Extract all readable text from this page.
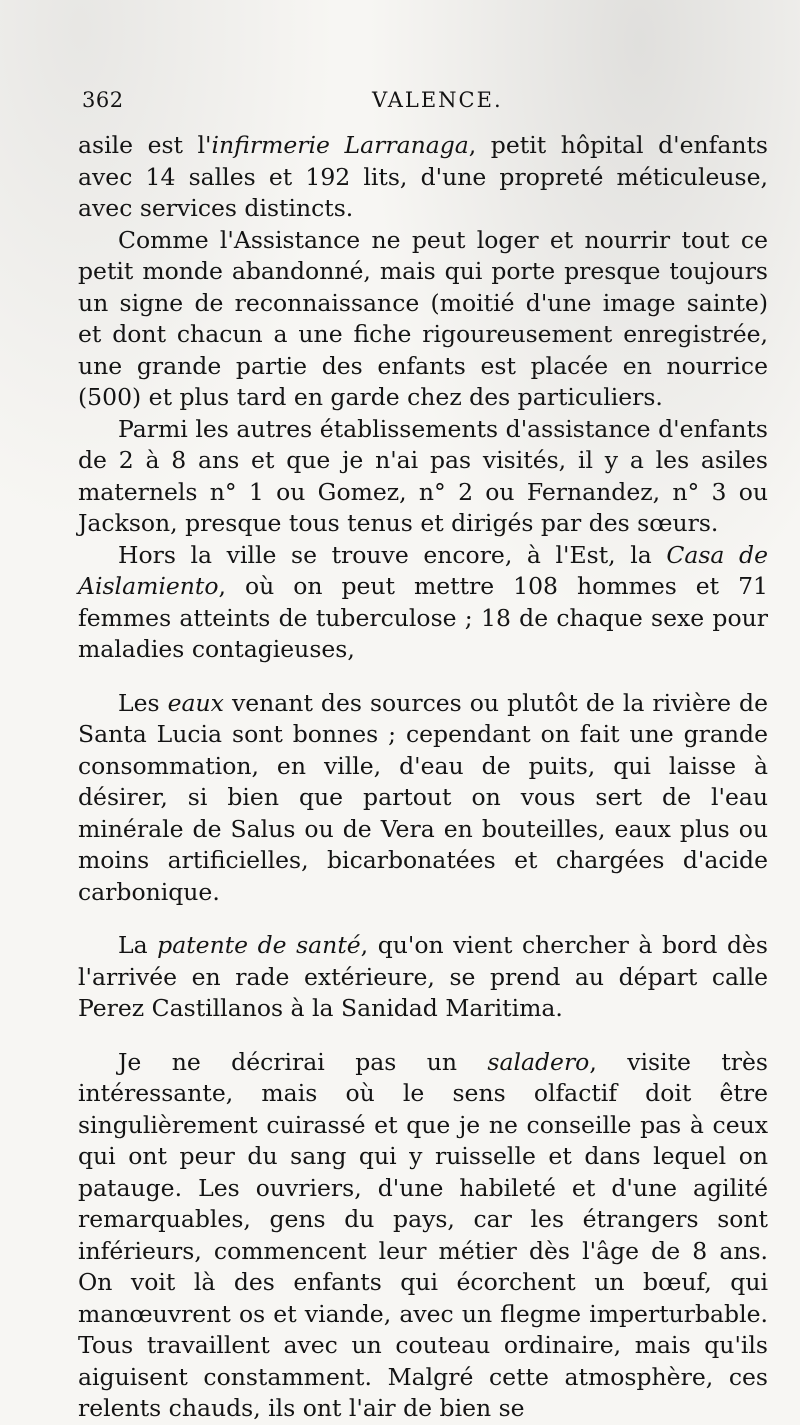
362	VALENCE.

asile est l'infirmerie Larranaga, petit hôpital d'enfants avec 14 salles et 192 lits, d'une propreté méticuleuse, avec services distincts.

Comme l'Assistance ne peut loger et nourrir tout ce petit monde abandonné, mais qui porte presque toujours un signe de reconnaissance (moitié d'une image sainte) et dont chacun a une fiche rigoureusement enregistrée, une grande partie des enfants est placée en nourrice (500) et plus tard en garde chez des particuliers.

Parmi les autres établissements d'assistance d'enfants de 2 à 8 ans et que je n'ai pas visités, il y a les asiles maternels n° 1 ou Gomez, n° 2 ou Fernandez, n° 3 ou Jackson, presque tous tenus et dirigés par des sœurs.

Hors la ville se trouve encore, à l'Est, la Casa de Aislamiento, où on peut mettre 108 hommes et 71 femmes atteints de tuberculose ; 18 de chaque sexe pour maladies contagieuses,

Les eaux venant des sources ou plutôt de la rivière de Santa Lucia sont bonnes ; cependant on fait une grande consommation, en ville, d'eau de puits, qui laisse à désirer, si bien que partout on vous sert de l'eau minérale de Salus ou de Vera en bouteilles, eaux plus ou moins artificielles, bicarbonatées et chargées d'acide carbonique.

La patente de santé, qu'on vient chercher à bord dès l'arrivée en rade extérieure, se prend au départ calle Perez Castillanos à la Sanidad Maritima.

Je ne décrirai pas un saladero, visite très intéressante, mais où le sens olfactif doit être singulièrement cuirassé et que je ne conseille pas à ceux qui ont peur du sang qui y ruisselle et dans lequel on patauge. Les ouvriers, d'une habileté et d'une agilité remarquables, gens du pays, car les étrangers sont inférieurs, commencent leur métier dès l'âge de 8 ans. On voit là des enfants qui écorchent un bœuf, qui manœuvrent os et viande, avec un flegme imperturbable. Tous travaillent avec un couteau ordinaire, mais qu'ils aiguisent constamment. Malgré cette atmosphère, ces relents chauds, ils ont l'air de bien se
